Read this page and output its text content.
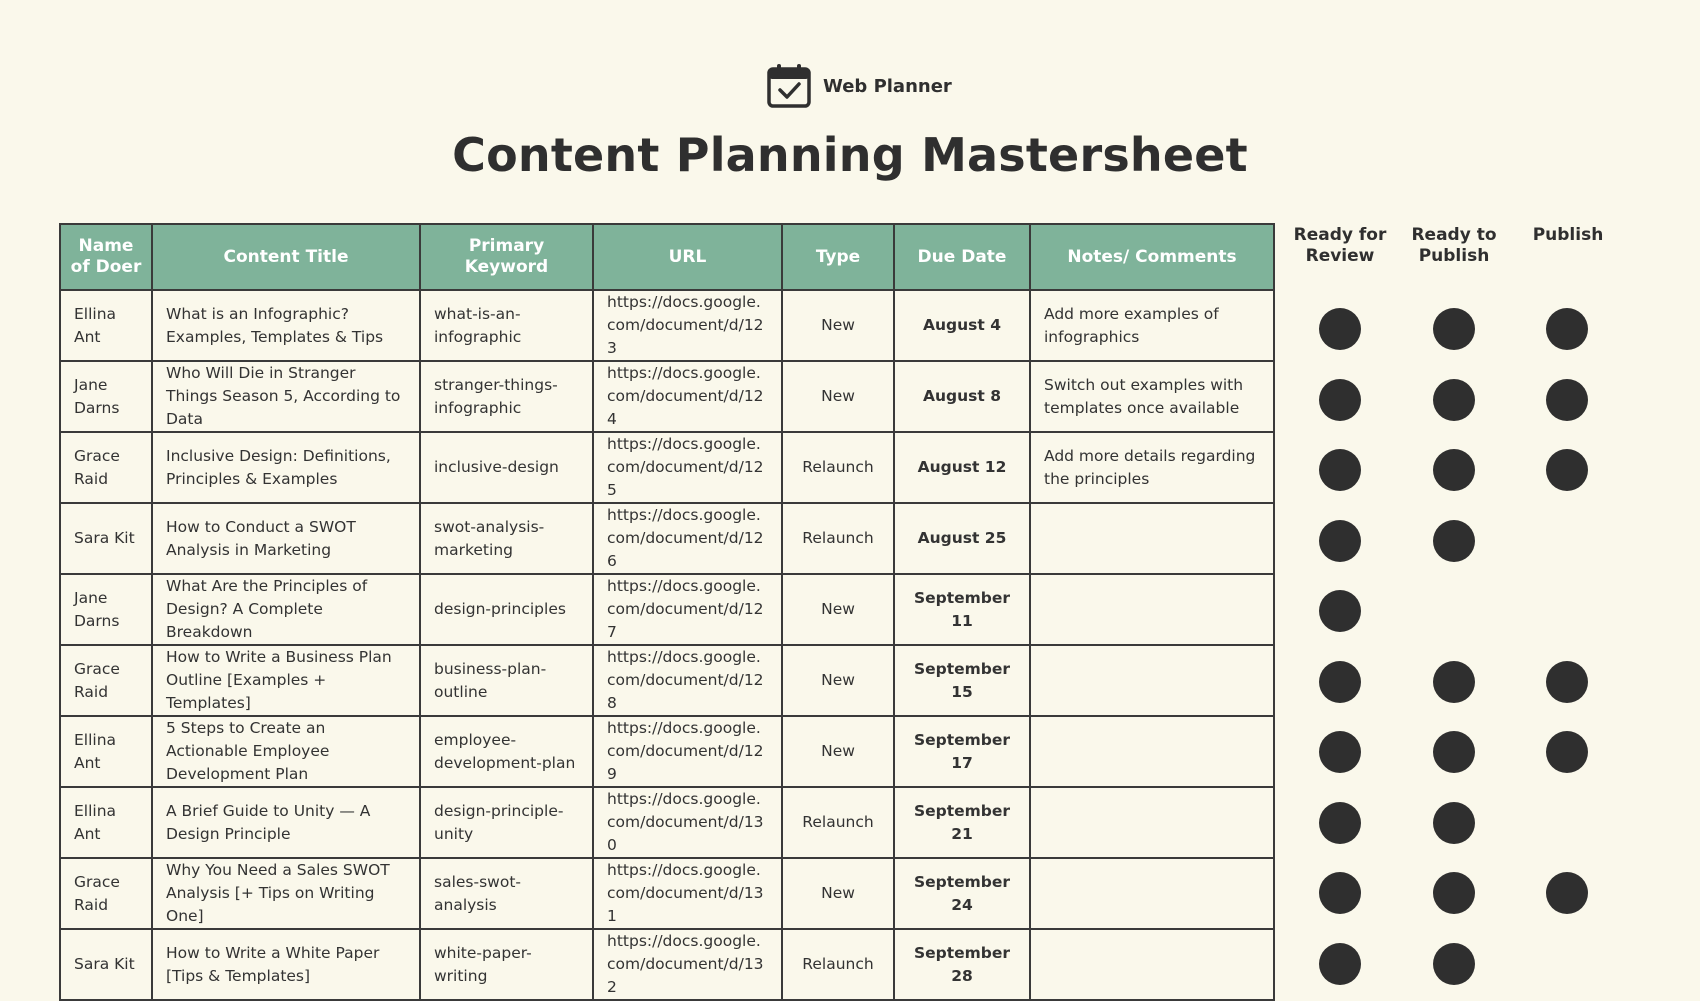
Web Planner
Content Planning Mastersheet
Name of Doer	Content Title	Primary Keyword	URL	Type	Due Date	Notes/ Comments
Ellina Ant	What is an Infographic? Examples, Templates & Tips	what-is-an-infographic	https://docs.google.com/document/d/123	New	August 4	Add more examples of infographics
Jane Darns	Who Will Die in Stranger Things Season 5, According to Data	stranger-things-infographic	https://docs.google.com/document/d/124	New	August 8	Switch out examples with templates once available
Grace Raid	Inclusive Design: Definitions, Principles & Examples	inclusive-design	https://docs.google.com/document/d/125	Relaunch	August 12	Add more details regarding the principles
Sara Kit	How to Conduct a SWOT Analysis in Marketing	swot-analysis-marketing	https://docs.google.com/document/d/126	Relaunch	August 25	
Jane Darns	What Are the Principles of Design? A Complete Breakdown	design-principles	https://docs.google.com/document/d/127	New	September 11	
Grace Raid	How to Write a Business Plan Outline [Examples + Templates]	business-plan-outline	https://docs.google.com/document/d/128	New	September 15	
Ellina Ant	5 Steps to Create an Actionable Employee Development Plan	employee-development-plan	https://docs.google.com/document/d/129	New	September 17	
Ellina Ant	A Brief Guide to Unity — A Design Principle	design-principle-unity	https://docs.google.com/document/d/130	Relaunch	September 21	
Grace Raid	Why You Need a Sales SWOT Analysis [+ Tips on Writing One]	sales-swot-analysis	https://docs.google.com/document/d/131	New	September 24	
Sara Kit	How to Write a White Paper [Tips & Templates]	white-paper-writing	https://docs.google.com/document/d/132	Relaunch	September 28	
Ready for Review
Ready to Publish
Publish
